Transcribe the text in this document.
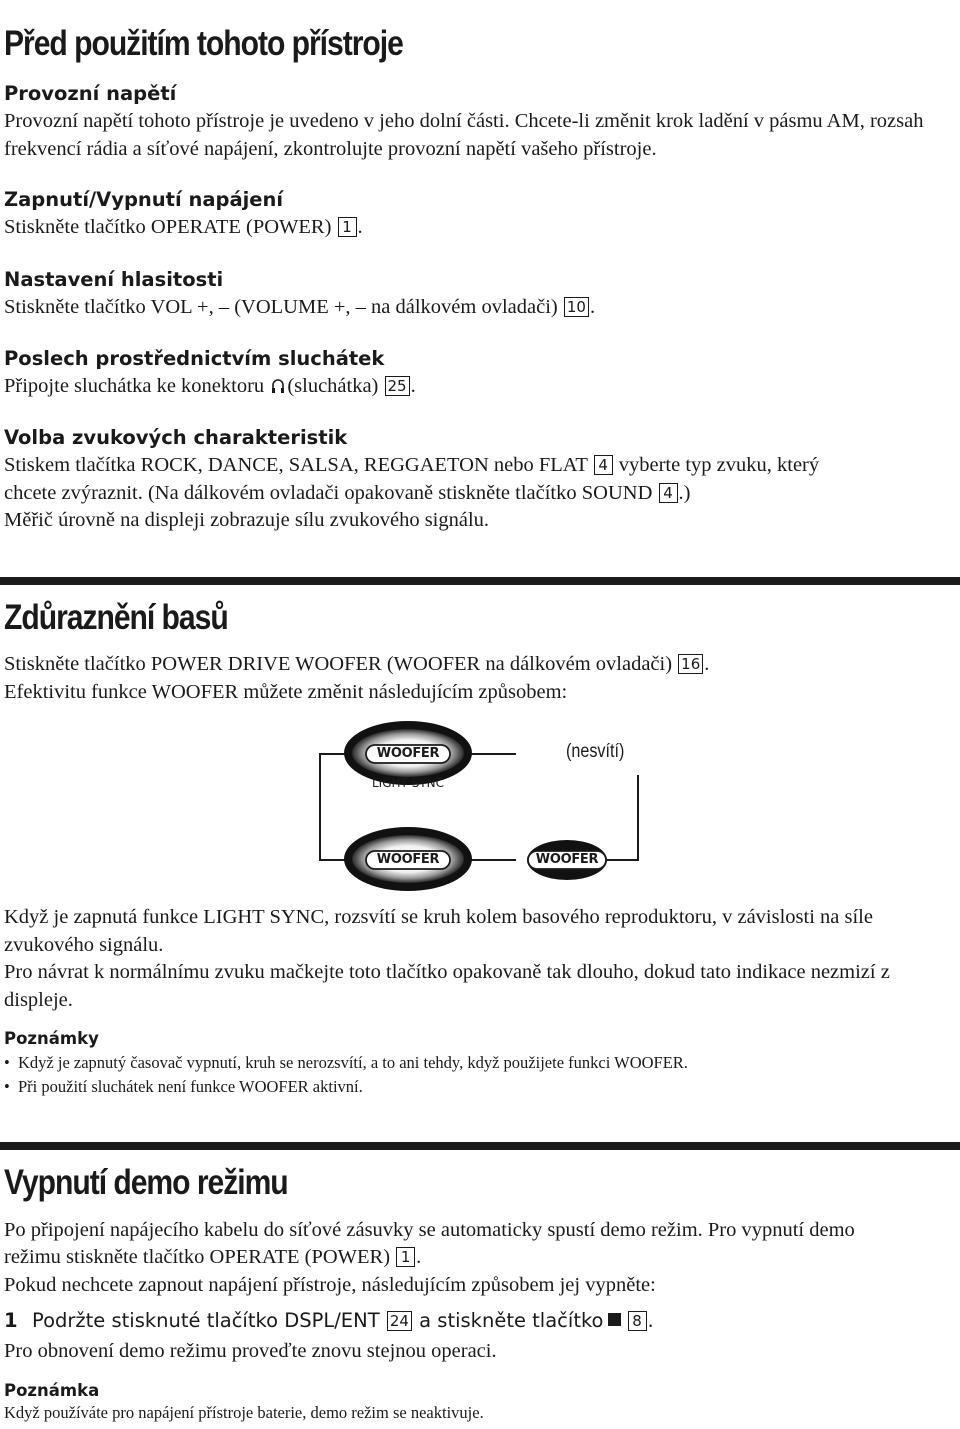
Před použitím tohoto přístroje
Provozní napětí

Provozní napětí tohoto přístroje je uvedeno v jeho dolní části. Chcete-li změnit krok ladění v pásmu AM, rozsah frekvencí rádia a síťové napájení, zkontrolujte provozní napětí vašeho přístroje.

Zapnutí/Vypnutí napájení

Stiskněte tlačítko OPERATE (POWER) 1 .

Nastavení hlasitosti

Stiskněte tlačítko VOL +, – (VOLUME +, – na dálkovém ovladači) 10 .

Poslech prostřednictvím sluchátek

Připojte sluchátka ke konektoru (sluchátka) 25 .

Volba zvukových charakteristik

Stiskem tlačítka ROCK, DANCE, SALSA, REGGAETON nebo FLAT 4 vyberte typ zvuku, který

chcete zvýraznit. (Na dálkovém ovladači opakovaně stiskněte tlačítko SOUND 4 .)

Měřič úrovně na displeji zobrazuje sílu zvukového signálu.

Zdůraznění basů

Stiskněte tlačítko POWER DRIVE WOOFER (WOOFER na dálkovém ovladači) 16 .

Efektivitu funkce WOOFER můžete změnit následujícím způsobem:

WOOFER
LIGHT SYNC
WOOFER	WOOFER
(nesvítí)

Když je zapnutá funkce LIGHT SYNC, rozsvítí se kruh kolem basového reproduktoru, v závislosti na síle zvukového signálu.

Pro návrat k normálnímu zvuku mačkejte toto tlačítko opakovaně tak dlouho, dokud tato indikace nezmizí z displeje.

Poznámky
• Když je zapnutý časovač vypnutí, kruh se nerozsvítí, a to ani tehdy, když použijete funkci WOOFER.
• Při použití sluchátek není funkce WOOFER aktivní.
Vypnutí demo režimu

Po připojení napájecího kabelu do síťové zásuvky se automaticky spustí demo režim. Pro vypnutí demo

režimu stiskněte tlačítko OPERATE (POWER) 1 .

Pokud nechcete zapnout napájení přístroje, následujícím způsobem jej vypněte:

1 Podržte stisknuté tlačítko DSPL/ENT 24 a stiskněte tlačítko 8 .

Pro obnovení demo režimu proveďte znovu stejnou operaci.

Poznámka
Když používáte pro napájení přístroje baterie, demo režim se neaktivuje.
